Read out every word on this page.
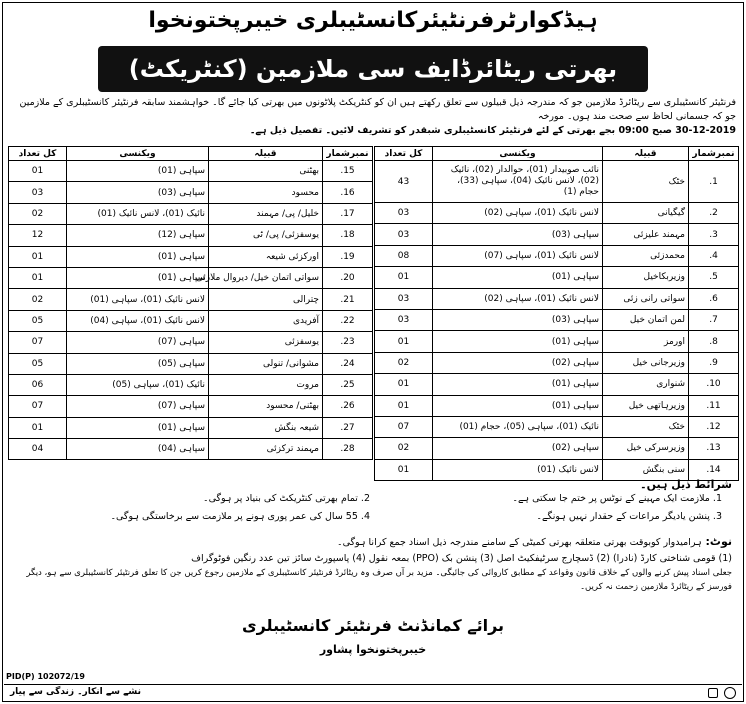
ہیڈکوارٹرفرنٹیئرکانسٹیبلری خیبرپختونخوا
بھرتی ریٹائرڈایف سی ملازمین (کنٹریکٹ)
فرنٹیئر کانسٹیبلری سے ریٹائرڈ ملازمین جو کہ مندرجہ ذیل قبیلوں سے تعلق رکھتے ہیں ان کو کنٹریکٹ پلاٹونوں میں بھرتی کیا جائے گا۔ خواہشمند سابقہ فرنٹیئر کانسٹیبلری کے ملازمین جو کہ جسمانی لحاظ سے صحت مند ہوں۔ مورخہ
30-12-2019 صبح 09:00 بجے بھرتی کے لئے فرنٹیئر کانسٹیبلری شبقدر کو تشریف لائیں۔ تفصیل ذیل ہے۔
نمبرشمار	قبیلہ	ویکنسی	کل تعداد
1.	خٹک	نائب صوبیدار (01)، حوالدار (02)، نائیک (02)، لانس نائیک (04)، سپاہی (33)، حجام (1)	43
2.	گیگیانی	لانس نائیک (01)، سپاہی (02)	03
3.	مہمند علیزئی	سپاہی (03)	03
4.	محمدزئی	لانس نائیک (01)، سپاہی (07)	08
5.	وزیربکاخیل	سپاہی (01)	01
6.	سواتی رانی زئی	لانس نائیک (01)، سپاہی (02)	03
7.	لمن اتمان خیل	سپاہی (03)	03
8.	اورمز	سپاہی (01)	01
9.	وزیرجانی خیل	سپاہی (02)	02
10.	شنواری	سپاہی (01)	01
11.	وزیرہاتھی خیل	سپاہی (01)	01
12.	خٹک	نائیک (01)، سپاہی (05)، حجام (01)	07
13.	وزیرسرکی خیل	سپاہی (02)	02
14.	سنی بنگش	لانس نائیک (01)	01
نمبرشمار	قبیلہ	ویکنسی	کل تعداد
15.	بھٹنی	سپاہی (01)	01
16.	محسود	سپاہی (03)	03
17.	خلیل/ پی/ مہمند	نائیک (01)، لانس نائیک (01)	02
18.	یوسفزئی/ پی/ ٹی	سپاہی (12)	12
19.	اورکزئی شیعہ	سپاہی (01)	01
20.	سواتی اتمان خیل/ دیروال ملازئی	سپاہی (01)	01
21.	چترالی	لانس نائیک (01)، سپاہی (01)	02
22.	آفریدی	لانس نائیک (01)، سپاہی (04)	05
23.	یوسفزئی	سپاہی (07)	07
24.	مشوانی/ تنولی	سپاہی (05)	05
25.	مروت	نائیک (01)، سپاہی (05)	06
26.	بھٹنی/ محسود	سپاہی (07)	07
27.	شیعہ بنگش	سپاہی (01)	01
28.	مہمند ترکزئی	سپاہی (04)	04
شرائط ذیل ہیں۔
1. ملازمت ایک مہینے کے نوٹس پر ختم جا سکتی ہے۔
2. تمام بھرتی کنٹریکٹ کی بنیاد پر ہوگی۔
3. پنشن یادیگر مراعات کے حقدار نہیں ہونگے۔
4. 55 سال کی عمر پوری ہونے پر ملازمت سے برخاستگی ہوگی۔
نوٹ: ہرامیدوار کوبوقت بھرتی متعلقہ بھرتی کمیٹی کے سامنے مندرجہ ذیل اسناد جمع کرانا ہوگی۔
(1) قومی شناختی کارڈ (نادرا) (2) ڈسچارج سرٹیفکیٹ اصل (3) پنشن بک (PPO) بمعہ نقول (4) پاسپورٹ سائز تین عدد رنگین فوٹوگراف
جعلی اسناد پیش کرنے والوں کے خلاف قانون وقواعد کے مطابق کاروائی کی جائیگی۔ مزید بر آں صرف وہ ریٹائرڈ فرنٹیئر کانسٹیبلری کے ملازمین رجوع کریں جن کا تعلق فرنٹیئر کانسٹیبلری سے ہو، دیگر فورسز کے ریٹائرڈ ملازمین زحمت نہ کریں۔
برائے کمانڈنٹ فرنٹیئر کانسٹیبلری
خیبرپختونخوا پشاور
PID(P) 102072/19
نشے سے انکار۔ زندگی سے پیار
